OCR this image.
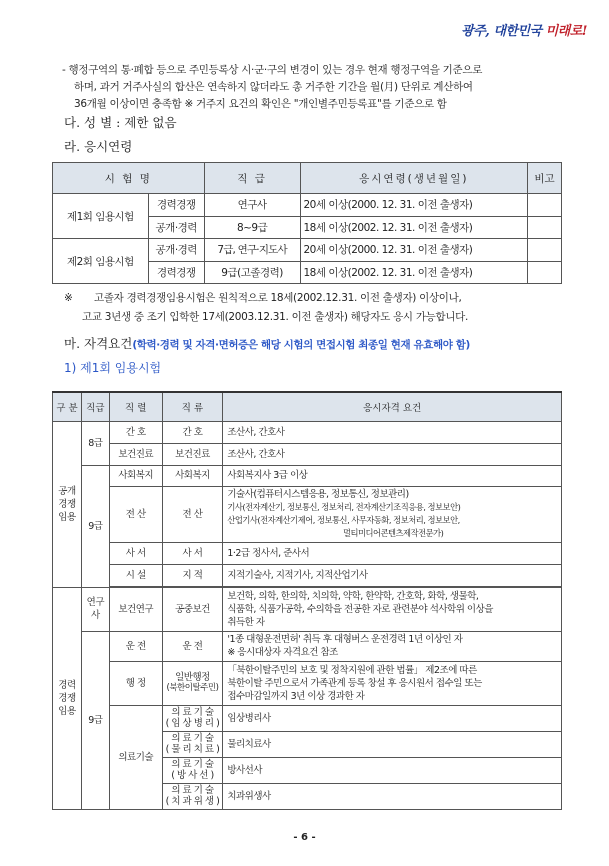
광주, 대한민국 미래로!
- 행정구역의 통·폐합 등으로 주민등록상 시·군·구의 변경이 있는 경우 현재 행정구역을 기준으로
하며, 과거 거주사실의 합산은 연속하지 않더라도 총 거주한 기간을 월(月) 단위로 계산하여
36개월 이상이면 충족함 ※ 거주지 요건의 확인은 "개인별주민등록표"를 기준으로 함
다. 성 별 : 제한 없음
라. 응시연령
시 험 명		직 급	응시연령(생년월일)	비고
제1회 임용시험	경력경쟁	연구사	20세 이상(2000. 12. 31. 이전 출생자)	
	공개·경력	8~9급	18세 이상(2002. 12. 31. 이전 출생자)	
제2회 임용시험	공개·경력	7급, 연구·지도사	20세 이상(2000. 12. 31. 이전 출생자)	
	경력경쟁	9급(고졸경력)	18세 이상(2002. 12. 31. 이전 출생자)	
※ 고졸자 경력경쟁임용시험은 원칙적으로 18세(2002.12.31. 이전 출생자) 이상이나,
고교 3년생 중 조기 입학한 17세(2003.12.31. 이전 출생자) 해당자도 응시 가능합니다.
마. 자격요건(학력·경력 및 자격·면허증은 해당 시험의 면접시험 최종일 현재 유효해야 함)
1) 제1회 임용시험
구 분	직급	직 렬	직 류	응시자격 요건

공개
경쟁
임용	8급	간 호	간 호	조산사, 간호사
		보건진료	보건진료	조산사, 간호사
	9급	사회복지	사회복지	사회복지사 3급 이상
		전 산	전 산	기술사(컴퓨터시스템응용, 정보통신, 정보관리)
기사(전자계산기, 정보통신, 정보처리, 전자계산기조직응용, 정보보안)
산업기사(전자계산기제어, 정보통신, 사무자동화, 정보처리, 정보보안,
멀티미디어콘텐츠제작전문가)

		사 서	사 서	1·2급 정사서, 준사서
		시 설	지 적	지적기술사, 지적기사, 지적산업기사

경력
경쟁
임용	연구사	보건연구	공중보건	보건학, 의학, 한의학, 치의학, 약학, 한약학, 간호학, 화학, 생물학,
식품학, 식품가공학, 수의학을 전공한 자로 관련분야 석사학위 이상을
취득한 자

	9급	운 전	운 전	'1종 대형운전면허' 취득 후 대형버스 운전경력 1년 이상인 자
※ 응시대상자 자격요건 참조

		행 정	일반행정
(북한이탈주민)	「북한이탈주민의 보호 및 정착지원에 관한 법률」 제2조에 따른
북한이탈 주민으로서 가족관계 등록 창설 후 응시원서 접수일 또는
접수마감일까지 3년 이상 경과한 자

		의료기술	의 료 기 술
( 임 상 병 리 )	임상병리사

			의 료 기 술
( 물 리 치 료 )	물리치료사

			의 료 기 술
( 방 사 선 )	방사선사

			의 료 기 술
( 치 과 위 생 )	치과위생사
- 6 -
